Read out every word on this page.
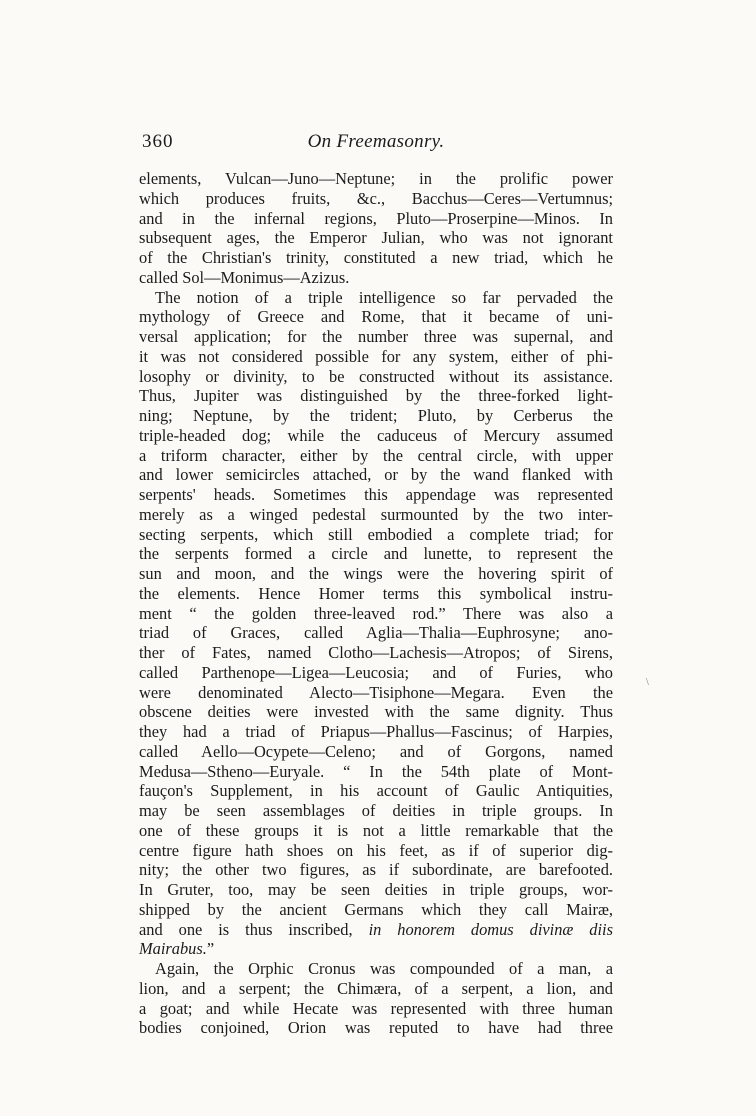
360	On Freemasonry.

elements, Vulcan—Juno—Neptune; in the prolific power
which produces fruits, &c., Bacchus—Ceres—Vertumnus;
and in the infernal regions, Pluto—Proserpine—Minos. In
subsequent ages, the Emperor Julian, who was not ignorant
of the Christian's trinity, constituted a new triad, which he
called Sol—Monimus—Azizus.

The notion of a triple intelligence so far pervaded the
mythology of Greece and Rome, that it became of uni-
versal application; for the number three was supernal, and
it was not considered possible for any system, either of phi-
losophy or divinity, to be constructed without its assistance.
Thus, Jupiter was distinguished by the three-forked light-
ning; Neptune, by the trident; Pluto, by Cerberus the
triple-headed dog; while the caduceus of Mercury assumed
a triform character, either by the central circle, with upper
and lower semicircles attached, or by the wand flanked with
serpents' heads. Sometimes this appendage was represented
merely as a winged pedestal surmounted by the two inter-
secting serpents, which still embodied a complete triad; for
the serpents formed a circle and lunette, to represent the
sun and moon, and the wings were the hovering spirit of
the elements. Hence Homer terms this symbolical instru-
ment “ the golden three-leaved rod.” There was also a
triad of Graces, called Aglia—Thalia—Euphrosyne; ano-
ther of Fates, named Clotho—Lachesis—Atropos; of Sirens,
called Parthenope—Ligea—Leucosia; and of Furies, who
were denominated Alecto—Tisiphone—Megara. Even the
obscene deities were invested with the same dignity. Thus
they had a triad of Priapus—Phallus—Fascinus; of Harpies,
called Aello—Ocypete—Celeno; and of Gorgons, named
Medusa—Stheno—Euryale. “ In the 54th plate of Mont-
fauçon's Supplement, in his account of Gaulic Antiquities,
may be seen assemblages of deities in triple groups. In
one of these groups it is not a little remarkable that the
centre figure hath shoes on his feet, as if of superior dig-
nity; the other two figures, as if subordinate, are barefooted.
In Gruter, too, may be seen deities in triple groups, wor-
shipped by the ancient Germans which they call Mairæ,
and one is thus inscribed, in honorem domus divinæ diis
Mairabus.”

Again, the Orphic Cronus was compounded of a man, a
lion, and a serpent; the Chimæra, of a serpent, a lion, and
a goat; and while Hecate was represented with three human
bodies conjoined, Orion was reputed to have had three

\
